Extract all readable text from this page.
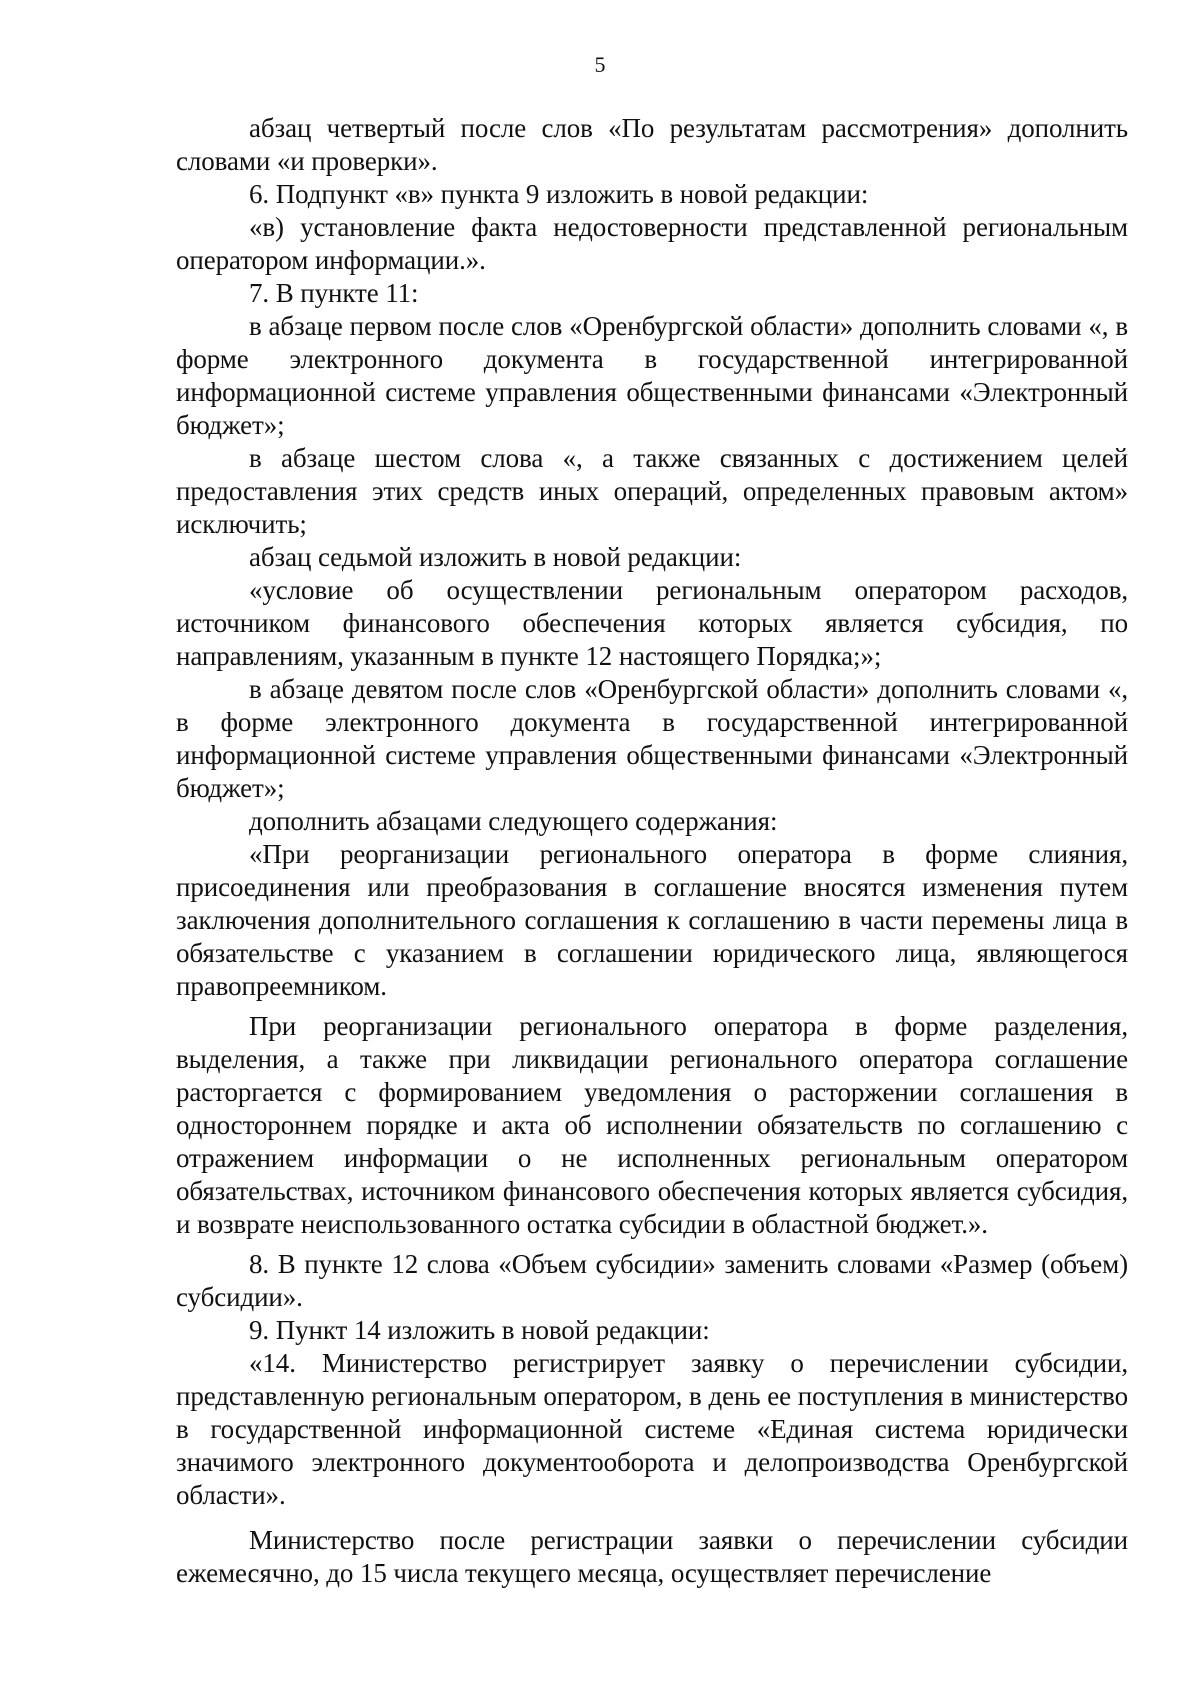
5

абзац четвертый после слов «По результатам рассмотрения» дополнить словами «и проверки».

6. Подпункт «в» пункта 9 изложить в новой редакции:

«в) установление факта недостоверности представленной региональным оператором информации.».

7. В пункте 11:

в абзаце первом после слов «Оренбургской области» дополнить словами «, в форме электронного документа в государственной интегрированной информационной системе управления общественными финансами «Электронный бюджет»;

в абзаце шестом слова «, а также связанных с достижением целей предоставления этих средств иных операций, определенных правовым актом» исключить;

абзац седьмой изложить в новой редакции:

«условие об осуществлении региональным оператором расходов, источником финансового обеспечения которых является субсидия, по направлениям, указанным в пункте 12 настоящего Порядка;»;

в абзаце девятом после слов «Оренбургской области» дополнить словами «, в форме электронного документа в государственной интегрированной информационной системе управления общественными финансами «Электронный бюджет»;

дополнить абзацами следующего содержания:

«При реорганизации регионального оператора в форме слияния, присоединения или преобразования в соглашение вносятся изменения путем заключения дополнительного соглашения к соглашению в части перемены лица в обязательстве с указанием в соглашении юридического лица, являющегося правопреемником.

При реорганизации регионального оператора в форме разделения, выделения, а также при ликвидации регионального оператора соглашение расторгается с формированием уведомления о расторжении соглашения в одностороннем порядке и акта об исполнении обязательств по соглашению с отражением информации о не исполненных региональным оператором обязательствах, источником финансового обеспечения которых является субсидия, и возврате неиспользованного остатка субсидии в областной бюджет.».

8. В пункте 12 слова «Объем субсидии» заменить словами «Размер (объем) субсидии».

9. Пункт 14 изложить в новой редакции:

«14. Министерство регистрирует заявку о перечислении субсидии, представленную региональным оператором, в день ее поступления в министерство в государственной информационной системе «Единая система юридически значимого электронного документооборота и делопроизводства Оренбургской области».

Министерство после регистрации заявки о перечислении субсидии ежемесячно, до 15 числа текущего месяца, осуществляет перечисление
